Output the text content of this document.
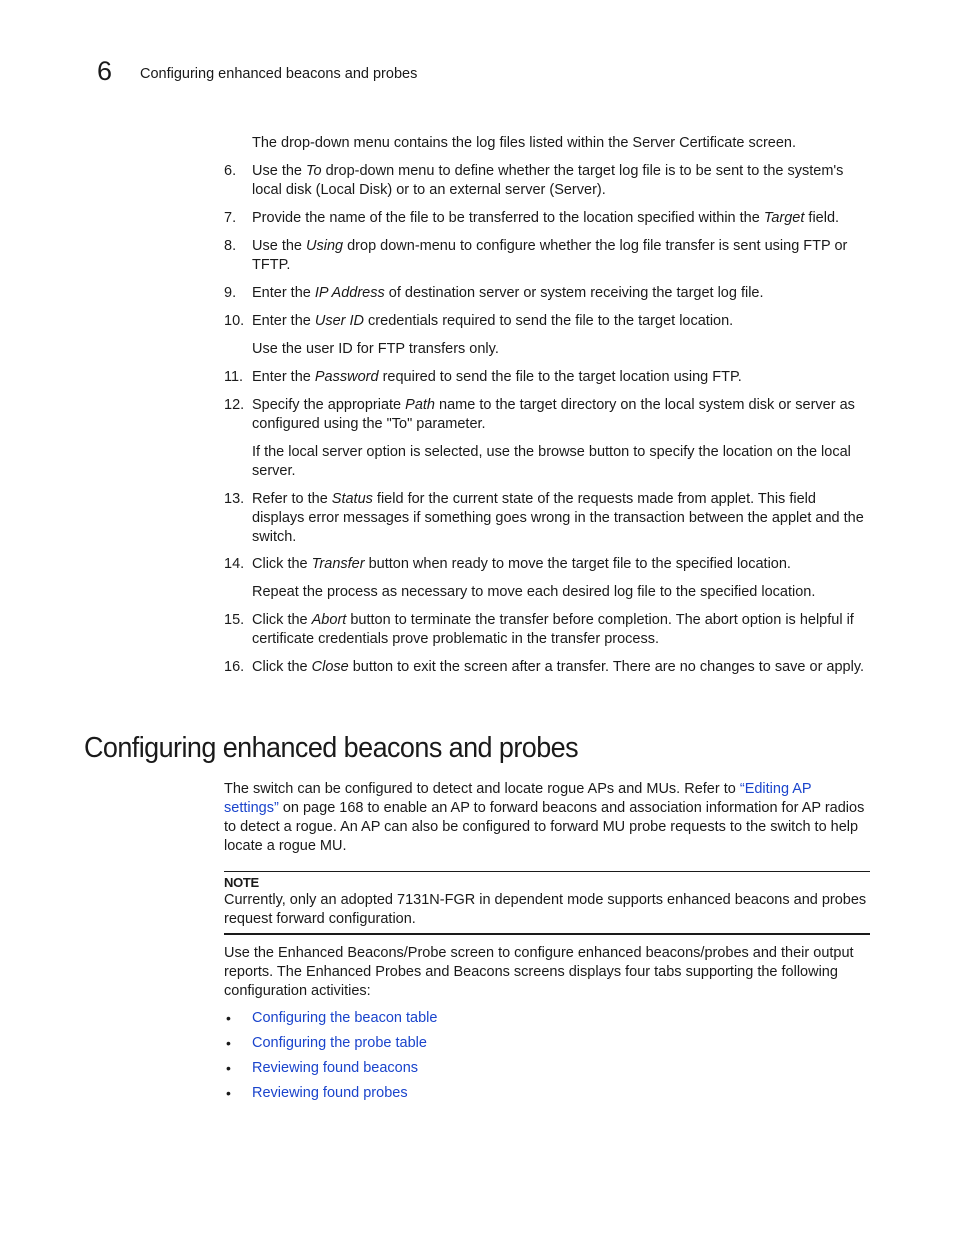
6 Configuring enhanced beacons and probes
The drop-down menu contains the log files listed within the Server Certificate screen.
6. Use the To drop-down menu to define whether the target log file is to be sent to the system's local disk (Local Disk) or to an external server (Server).
7. Provide the name of the file to be transferred to the location specified within the Target field.
8. Use the Using drop down-menu to configure whether the log file transfer is sent using FTP or TFTP.
9. Enter the IP Address of destination server or system receiving the target log file.
10. Enter the User ID credentials required to send the file to the target location.
Use the user ID for FTP transfers only.
11. Enter the Password required to send the file to the target location using FTP.
12. Specify the appropriate Path name to the target directory on the local system disk or server as configured using the "To" parameter.
If the local server option is selected, use the browse button to specify the location on the local server.
13. Refer to the Status field for the current state of the requests made from applet. This field displays error messages if something goes wrong in the transaction between the applet and the switch.
14. Click the Transfer button when ready to move the target file to the specified location.
Repeat the process as necessary to move each desired log file to the specified location.
15. Click the Abort button to terminate the transfer before completion. The abort option is helpful if certificate credentials prove problematic in the transfer process.
16. Click the Close button to exit the screen after a transfer. There are no changes to save or apply.
Configuring enhanced beacons and probes
The switch can be configured to detect and locate rogue APs and MUs. Refer to “Editing AP settings” on page 168 to enable an AP to forward beacons and association information for AP radios to detect a rogue. An AP can also be configured to forward MU probe requests to the switch to help locate a rogue MU.
NOTE
Currently, only an adopted 7131N-FGR in dependent mode supports enhanced beacons and probes request forward configuration.
Use the Enhanced Beacons/Probe screen to configure enhanced beacons/probes and their output reports. The Enhanced Probes and Beacons screens displays four tabs supporting the following configuration activities:
• Configuring the beacon table
• Configuring the probe table
• Reviewing found beacons
• Reviewing found probes
